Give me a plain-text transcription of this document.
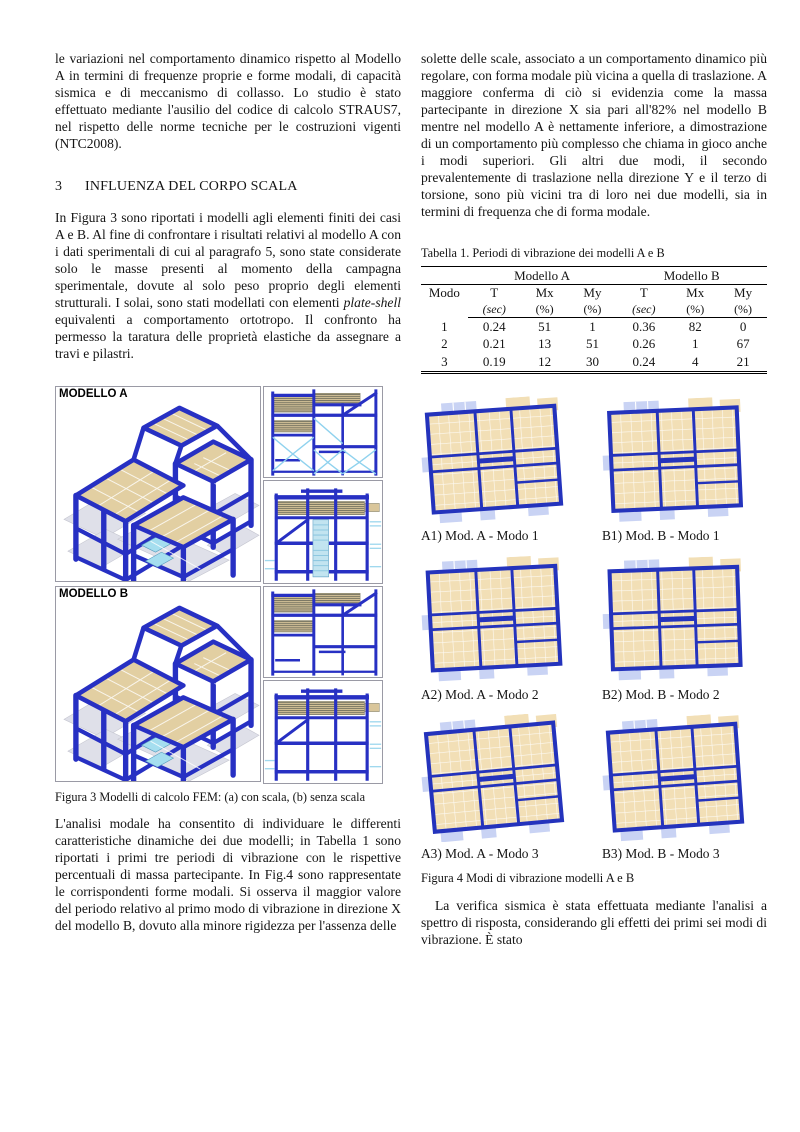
le variazioni nel comportamento dinamico rispetto al Modello A in termini di frequenze proprie e forme modali, di capacità sismica e di meccanismo di collasso. Lo studio è stato effettuato mediante l'ausilio del codice di calcolo STRAUS7, nel rispetto delle norme tecniche per le costruzioni vigenti (NTC2008).

3 INFLUENZA DEL CORPO SCALA

In Figura 3 sono riportati i modelli agli elementi finiti dei casi A e B. Al fine di confrontare i risultati relativi al modello A con i dati sperimentali di cui al paragrafo 5, sono state considerate solo le masse presenti al momento della campagna sperimentale, dovute al solo peso proprio degli elementi strutturali. I solai, sono stati modellati con elementi plate-shell equivalenti a comportamento ortotropo. Il confronto ha permesso la taratura delle proprietà elastiche da assegnare a travi e pilastri.

MODELLO A
MODELLO B
Figura 3 Modelli di calcolo FEM: (a) con scala, (b) senza scala

L'analisi modale ha consentito di individuare le differenti caratteristiche dinamiche dei due modelli; in Tabella 1 sono riportati i primi tre periodi di vibrazione con le rispettive percentuali di massa partecipante. In Fig.4 sono rappresentate le corrispondenti forme modali. Si osserva il maggior valore del periodo relativo al primo modo di vibrazione in direzione X del modello B, dovuto alla minore rigidezza per l'assenza delle

solette delle scale, associato a un comportamento dinamico più regolare, con forma modale più vicina a quella di traslazione. A maggiore conferma di ciò si evidenzia come la massa partecipante in direzione X sia pari all'82% nel modello B mentre nel modello A è nettamente inferiore, a dimostrazione di un comportamento più complesso che chiama in gioco anche i modi superiori. Gli altri due modi, il secondo prevalentemente di traslazione nella direzione Y e il terzo di torsione, sono più vicini tra di loro nei due modelli, sia in termini di frequenza che di forma modale.

Tabella 1. Periodi di vibrazione dei modelli A e B
	Modello A			Modello B		
Modo	T	Mx	My	T	Mx	My
	(sec)	(%)	(%)	(sec)	(%)	(%)
1	0.24	51	1	0.36	82	0
2	0.21	13	51	0.26	1	67
3	0.19	12	30	0.24	4	21
A1) Mod. A - Modo 1	B1) Mod. B - Modo 1
A2) Mod. A - Modo 2	B2) Mod. B - Modo 2
A3) Mod. A - Modo 3	B3) Mod. B - Modo 3
Figura 4 Modi di vibrazione modelli A e B

La verifica sismica è stata effettuata mediante l'analisi a spettro di risposta, considerando gli effetti dei primi sei modi di vibrazione. È stato
